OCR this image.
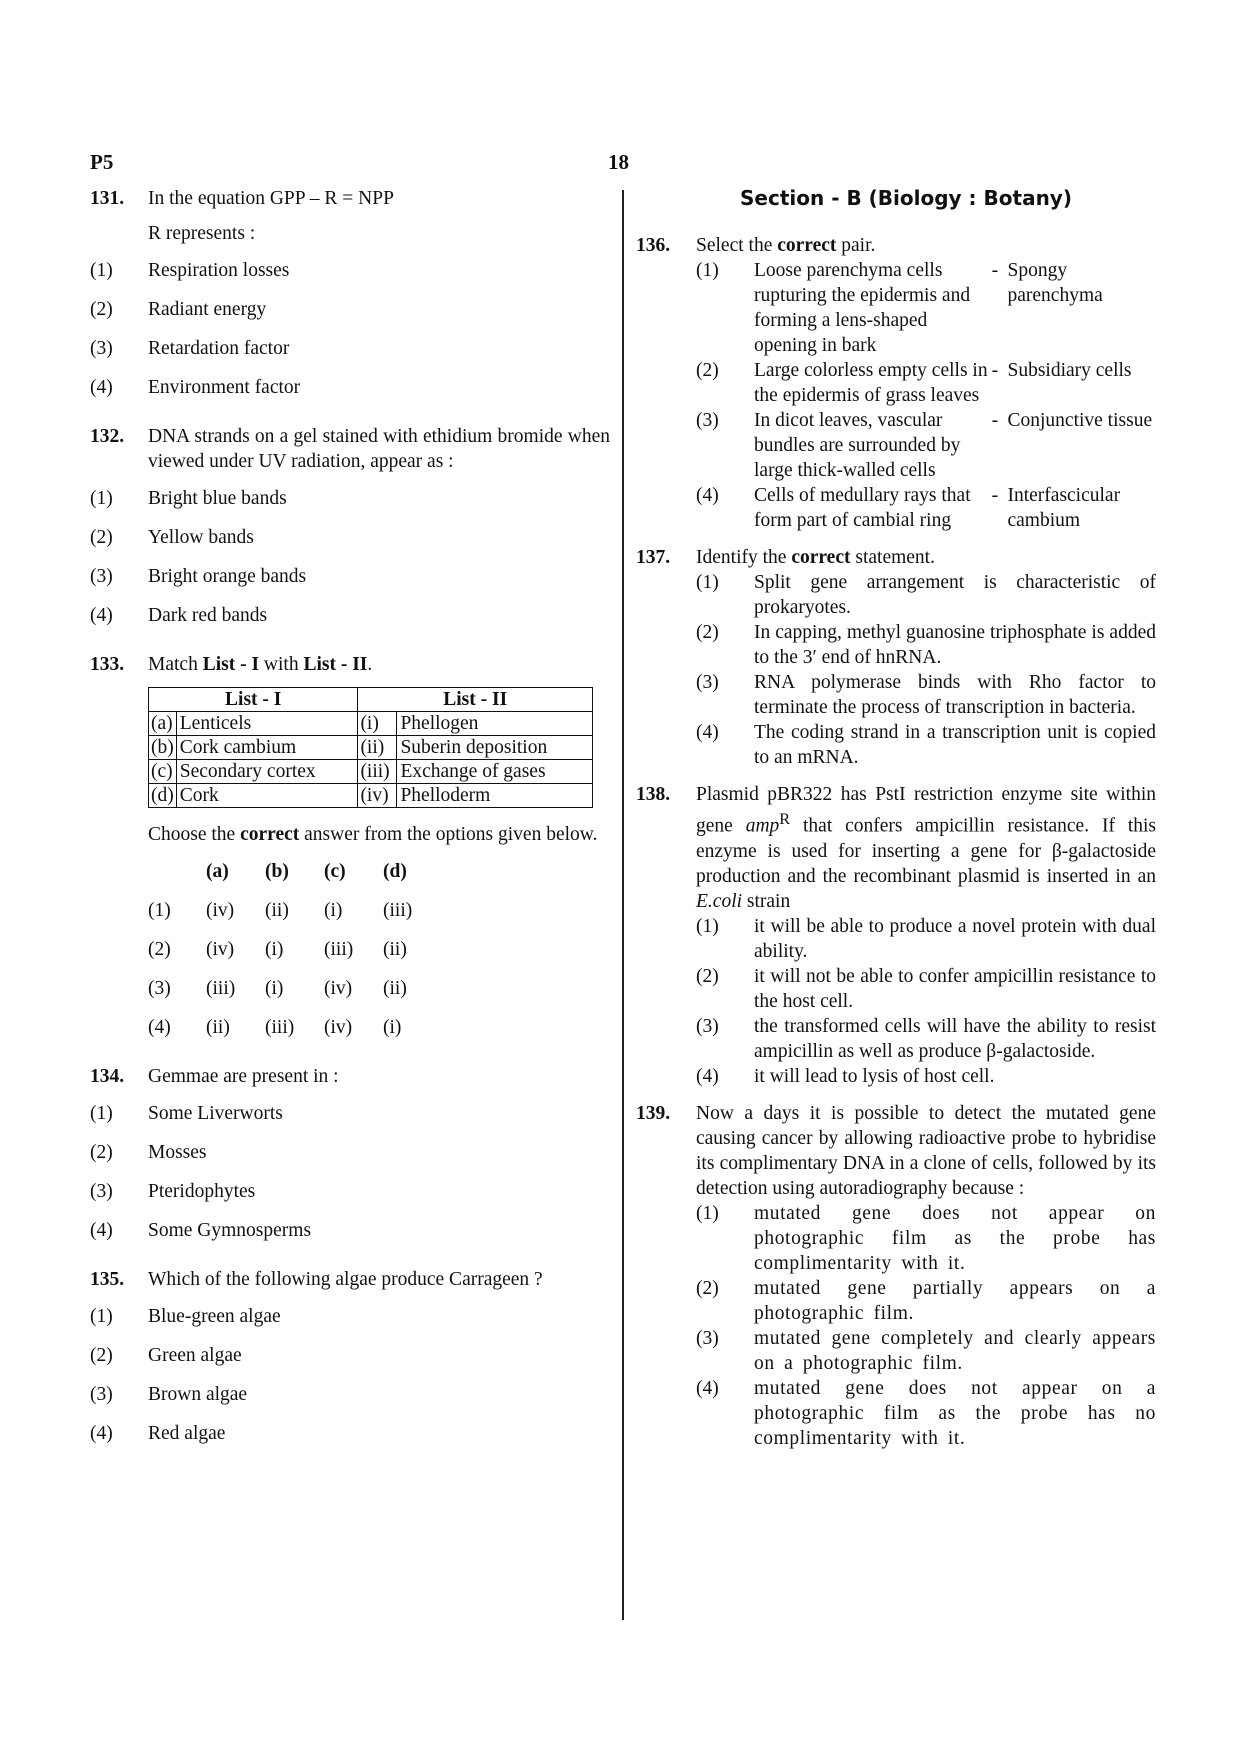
P5	18
131. In the equation GPP – R = NPP

R represents :
(1) Respiration losses
(2) Radiant energy
(3) Retardation factor
(4) Environment factor
132. DNA strands on a gel stained with ethidium bromide when viewed under UV radiation, appear as :

(1) Bright blue bands
(2) Yellow bands
(3) Bright orange bands
(4) Dark red bands
133. Match List - I with List - II.

List - I		List - II	
(a)	Lenticels	(i)	Phellogen
(b)	Cork cambium	(ii)	Suberin deposition
(c)	Secondary cortex	(iii)	Exchange of gases
(d)	Cork	(iv)	Phelloderm

Choose the correct answer from the options given below.

(a) (b) (c) (d)
(1) (iv) (ii) (i) (iii)
(2) (iv) (i) (iii) (ii)
(3) (iii) (i) (iv) (ii)
(4) (ii) (iii) (iv) (i)
134. Gemmae are present in :

(1) Some Liverworts
(2) Mosses
(3) Pteridophytes
(4) Some Gymnosperms
135. Which of the following algae produce Carrageen ?

(1) Blue-green algae
(2) Green algae
(3) Brown algae
(4) Red algae
Section - B (Biology : Botany)
136. Select the correct pair.

(1) Loose parenchyma cells rupturing the epidermis and forming a lens-shaped opening in bark
- Spongy parenchyma
(2) Large colorless empty cells in the epidermis of grass leaves
- Subsidiary cells
(3) In dicot leaves, vascular bundles are surrounded by large thick-walled cells
- Conjunctive tissue
(4) Cells of medullary rays that form part of cambial ring
- Interfascicular cambium
137. Identify the correct statement.

(1) Split gene arrangement is characteristic of prokaryotes.

(2) In capping, methyl guanosine triphosphate is added to the 3′ end of hnRNA.

(3) RNA polymerase binds with Rho factor to terminate the process of transcription in bacteria.

(4) The coding strand in a transcription unit is copied to an mRNA.

138. Plasmid pBR322 has PstI restriction enzyme site within gene amp$^R$ that confers ampicillin resistance. If this enzyme is used for inserting a gene for β-galactoside production and the recombinant plasmid is inserted in an E.coli strain

(1) it will be able to produce a novel protein with dual ability.

(2) it will not be able to confer ampicillin resistance to the host cell.

(3) the transformed cells will have the ability to resist ampicillin as well as produce β-galactoside.

(4) it will lead to lysis of host cell.

139. Now a days it is possible to detect the mutated gene causing cancer by allowing radioactive probe to hybridise its complimentary DNA in a clone of cells, followed by its detection using autoradiography because :

(1) mutated gene does not appear on photographic film as the probe has complimentarity with it.

(2) mutated gene partially appears on a photographic film.

(3) mutated gene completely and clearly appears on a photographic film.

(4) mutated gene does not appear on a photographic film as the probe has no complimentarity with it.
